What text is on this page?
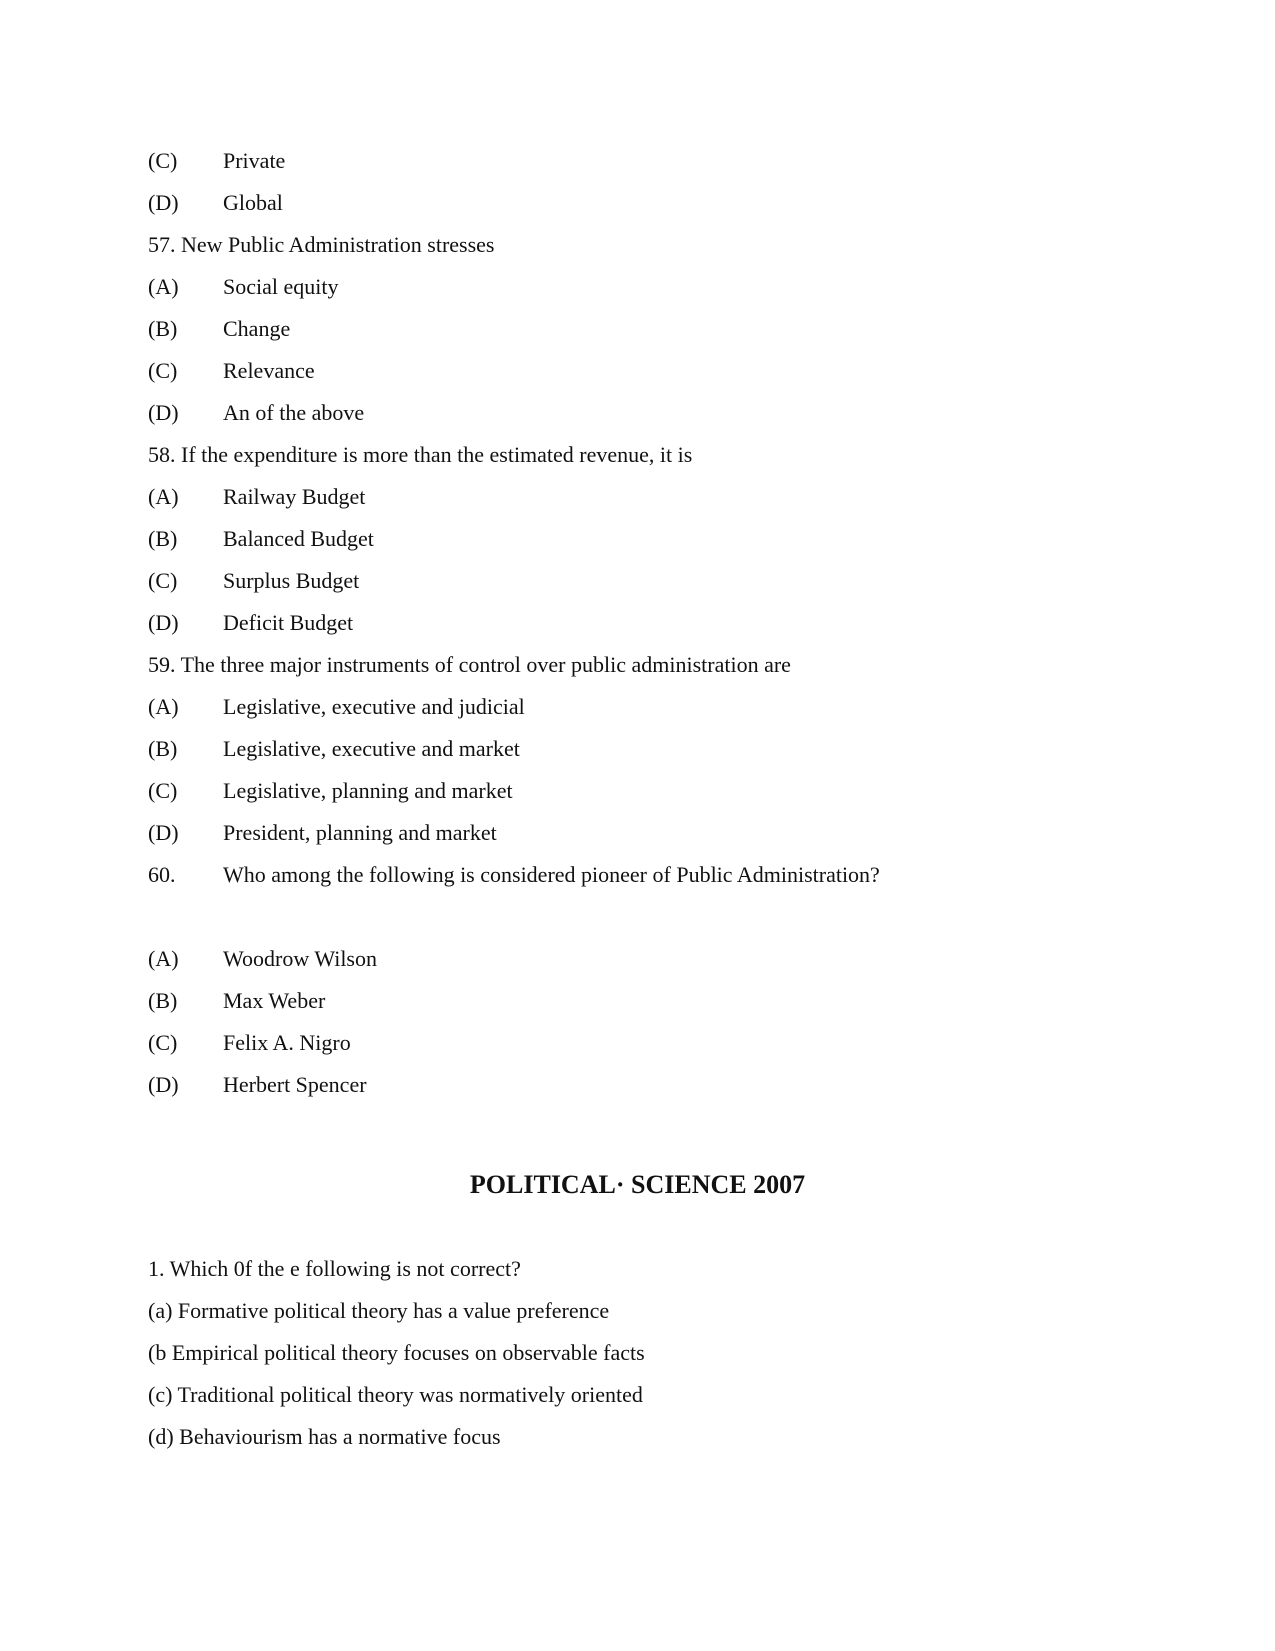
(C) Private
(D) Global
57. New Public Administration stresses
(A) Social equity
(B) Change
(C) Relevance
(D) An of the above
58. If the expenditure is more than the estimated revenue, it is
(A) Railway Budget
(B) Balanced Budget
(C) Surplus Budget
(D) Deficit Budget
59. The three major instruments of control over public administration are
(A) Legislative, executive and judicial
(B) Legislative, executive and market
(C) Legislative, planning and market
(D) President, planning and market
60. Who among the following is considered pioneer of Public Administration?
(A) Woodrow Wilson
(B) Max Weber
(C) Felix A. Nigro
(D) Herbert Spencer
POLITICAL· SCIENCE 2007
1. Which 0f the e following is not correct?
(a) Formative political theory has a value preference
(b Empirical political theory focuses on observable facts
(c) Traditional political theory was normatively oriented
(d) Behaviourism has a normative focus
